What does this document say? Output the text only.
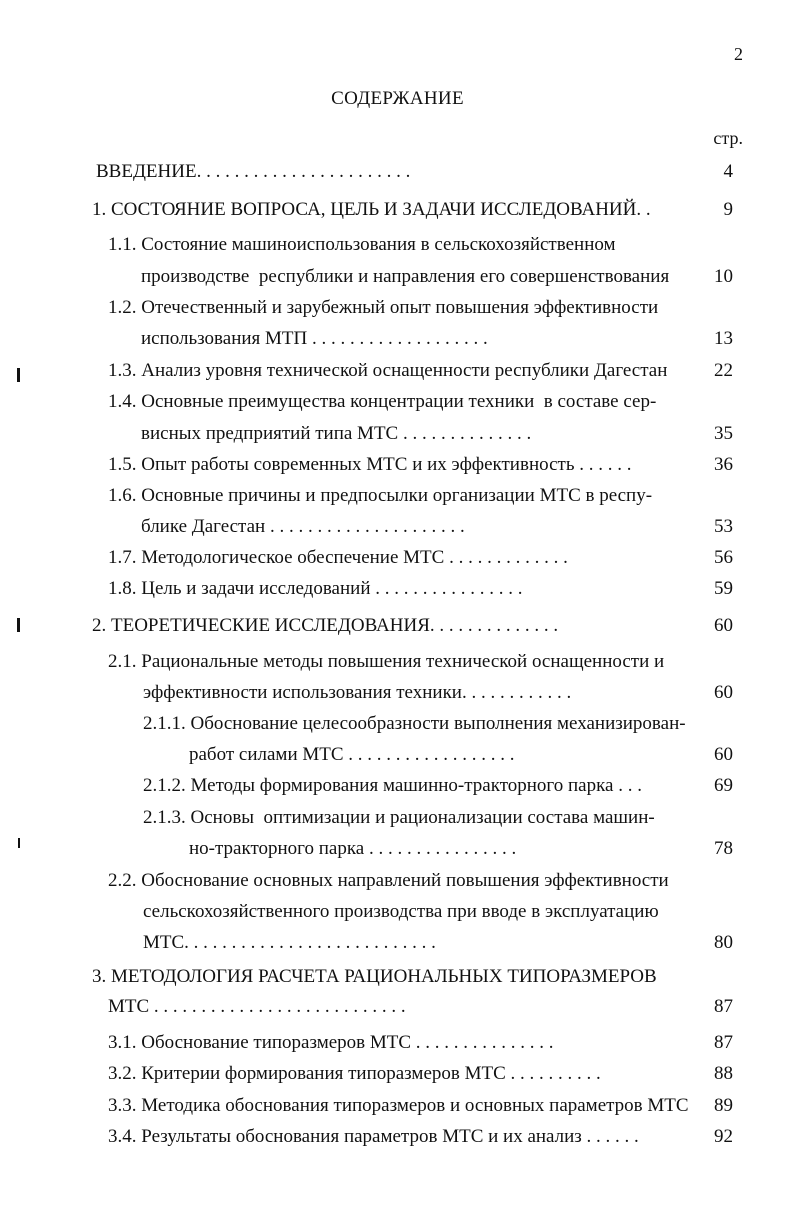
2
СОДЕРЖАНИЕ
стр.
ВВЕДЕНИЕ. . . . . . . . . . . . . . . . . . . . . . .	4
1. СОСТОЯНИЕ ВОПРОСА, ЦЕЛЬ И ЗАДАЧИ ИССЛЕДОВАНИЙ. .	9
1.1. Состояние машиноиспользования в сельскохозяйственном
производстве  республики и направления его совершенствования 10
1.2. Отечественный и зарубежный опыт повышения эффективности
использования МТП . . . . . . . . . . . . . . . . . . .	13
1.3. Анализ уровня технической оснащенности республики Дагестан 22
1.4. Основные преимущества концентрации техники  в составе сер-
висных предприятий типа МТС . . . . . . . . . . . . . .	35
1.5. Опыт работы современных МТС и их эффективность . . . . . .	36
1.6. Основные причины и предпосылки организации МТС в респу-
блике Дагестан . . . . . . . . . . . . . . . . . . . . .	53
1.7. Методологическое обеспечение МТС . . . . . . . . . . . . .	56
1.8. Цель и задачи исследований . . . . . . . . . . . . . . . .	59
2. ТЕОРЕТИЧЕСКИЕ ИССЛЕДОВАНИЯ. . . . . . . . . . . . . .	60
2.1. Рациональные методы повышения технической оснащенности и
эффективности использования техники. . . . . . . . . . . .	60
2.1.1. Обоснование целесообразности выполнения механизирован-
работ силами МТС . . . . . . . . . . . . . . . . . .	60
2.1.2. Методы формирования машинно-тракторного парка . . .	69
2.1.3. Основы  оптимизации и рационализации состава машин-
но-тракторного парка . . . . . . . . . . . . . . . .	78
2.2. Обоснование основных направлений повышения эффективности
сельскохозяйственного производства при вводе в эксплуатацию
МТС. . . . . . . . . . . . . . . . . . . . . . . . . . .	80
3. МЕТОДОЛОГИЯ РАСЧЕТА РАЦИОНАЛЬНЫХ ТИПОРАЗМЕРОВ
МТС . . . . . . . . . . . . . . . . . . . . . . . . . . .	87
3.1. Обоснование типоразмеров МТС . . . . . . . . . . . . . . .	87
3.2. Критерии формирования типоразмеров МТС . . . . . . . . . .	88
3.3. Методика обоснования типоразмеров и основных параметров МТС 89
3.4. Результаты обоснования параметров МТС и их анализ . . . . . .	92
